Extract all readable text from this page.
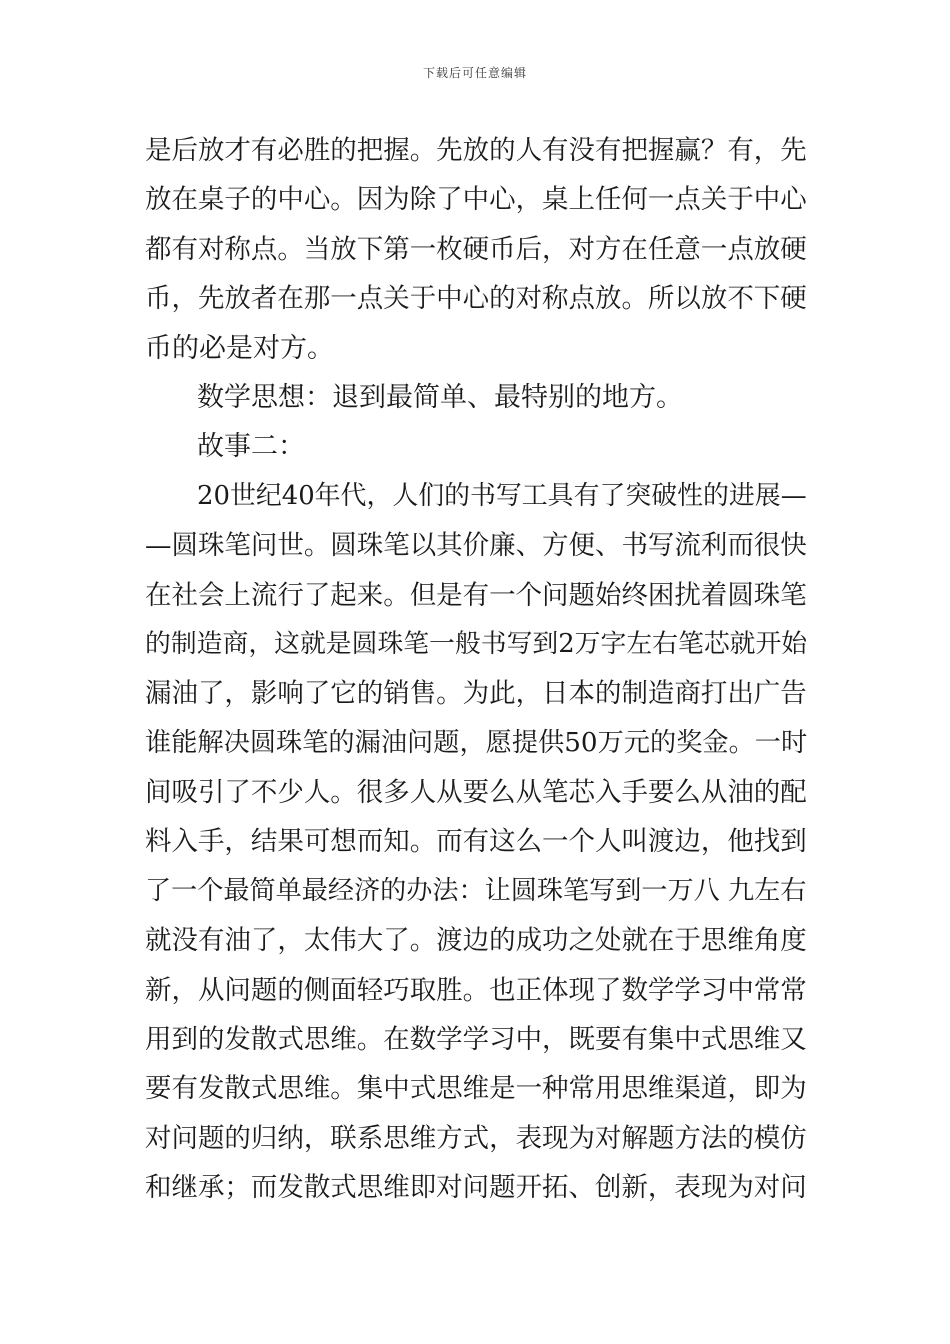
下载后可任意编辑
是后放才有必胜的把握。先放的人有没有把握赢？有，先
放在桌子的中心。因为除了中心，桌上任何一点关于中心
都有对称点。当放下第一枚硬币后，对方在任意一点放硬
币，先放者在那一点关于中心的对称点放。所以放不下硬
币的必是对方。
数学思想：退到最简单、最特别的地方。
故事二：
20世纪40年代，人们的书写工具有了突破性的进展—
—圆珠笔问世。圆珠笔以其价廉、方便、书写流利而很快
在社会上流行了起来。但是有一个问题始终困扰着圆珠笔
的制造商，这就是圆珠笔一般书写到2万字左右笔芯就开始
漏油了，影响了它的销售。为此，日本的制造商打出广告
谁能解决圆珠笔的漏油问题，愿提供50万元的奖金。一时
间吸引了不少人。很多人从要么从笔芯入手要么从油的配
料入手，结果可想而知。而有这么一个人叫渡边，他找到
了一个最简单最经济的办法：让圆珠笔写到一万八 九左右
就没有油了，太伟大了。渡边的成功之处就在于思维角度
新，从问题的侧面轻巧取胜。也正体现了数学学习中常常
用到的发散式思维。在数学学习中，既要有集中式思维又
要有发散式思维。集中式思维是一种常用思维渠道，即为
对问题的归纳，联系思维方式，表现为对解题方法的模仿
和继承；而发散式思维即对问题开拓、创新，表现为对问
